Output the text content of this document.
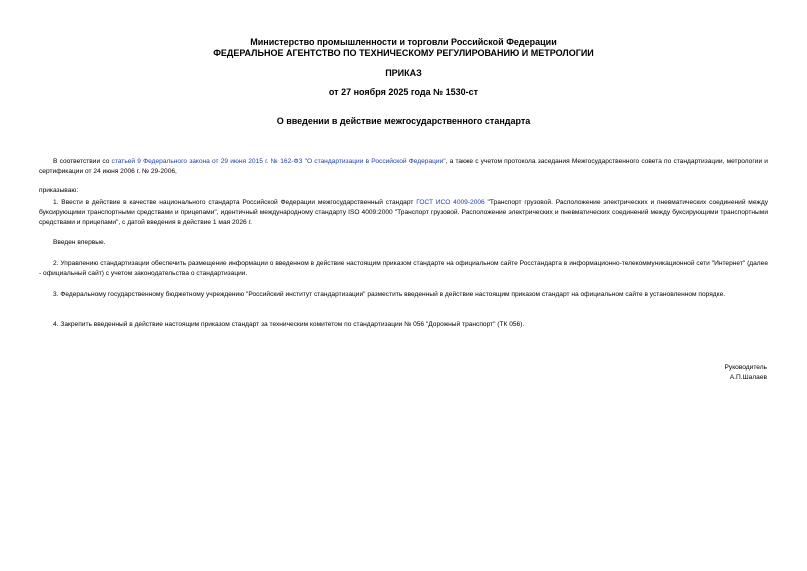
Министерство промышленности и торговли Российской Федерации
ФЕДЕРАЛЬНОЕ АГЕНТСТВО ПО ТЕХНИЧЕСКОМУ РЕГУЛИРОВАНИЮ И МЕТРОЛОГИИ
ПРИКАЗ
от 27 ноября 2025 года № 1530-ст
О введении в действие межгосударственного стандарта
В соответствии со статьей 9 Федерального закона от 29 июня 2015 г. № 162-ФЗ "О стандартизации в Российской Федерации", а также с учетом протокола заседания Межгосударственного совета по стандартизации, метрологии и сертификации от 24 июня 2006 г. № 29-2006,
приказываю:
1. Ввести в действие в качестве национального стандарта Российской Федерации межгосударственный стандарт ГОСТ ИСО 4009-2006 "Транспорт грузовой. Расположение электрических и пневматических соединений между буксирующими транспортными средствами и прицепами", идентичный международному стандарту ISO 4009:2000 "Транспорт грузовой. Расположение электрических и пневматических соединений между буксирующими транспортными средствами и прицепами", с датой введения в действие 1 мая 2026 г.
Введен впервые.
2. Управлению стандартизации обеспечить размещение информации о введенном в действие настоящим приказом стандарте на официальном сайте Росстандарта в информационно-телекоммуникационной сети "Интернет" (далее - официальный сайт) с учетом законодательства о стандартизации.
3. Федеральному государственному бюджетному учреждению "Российский институт стандартизации" разместить введенный в действие настоящим приказом стандарт на официальном сайте в установленном порядке.
4. Закрепить введенный в действие настоящим приказом стандарт за техническим комитетом по стандартизации № 056 "Дорожный транспорт" (ТК 056).
Руководитель
А.П.Шалаев
